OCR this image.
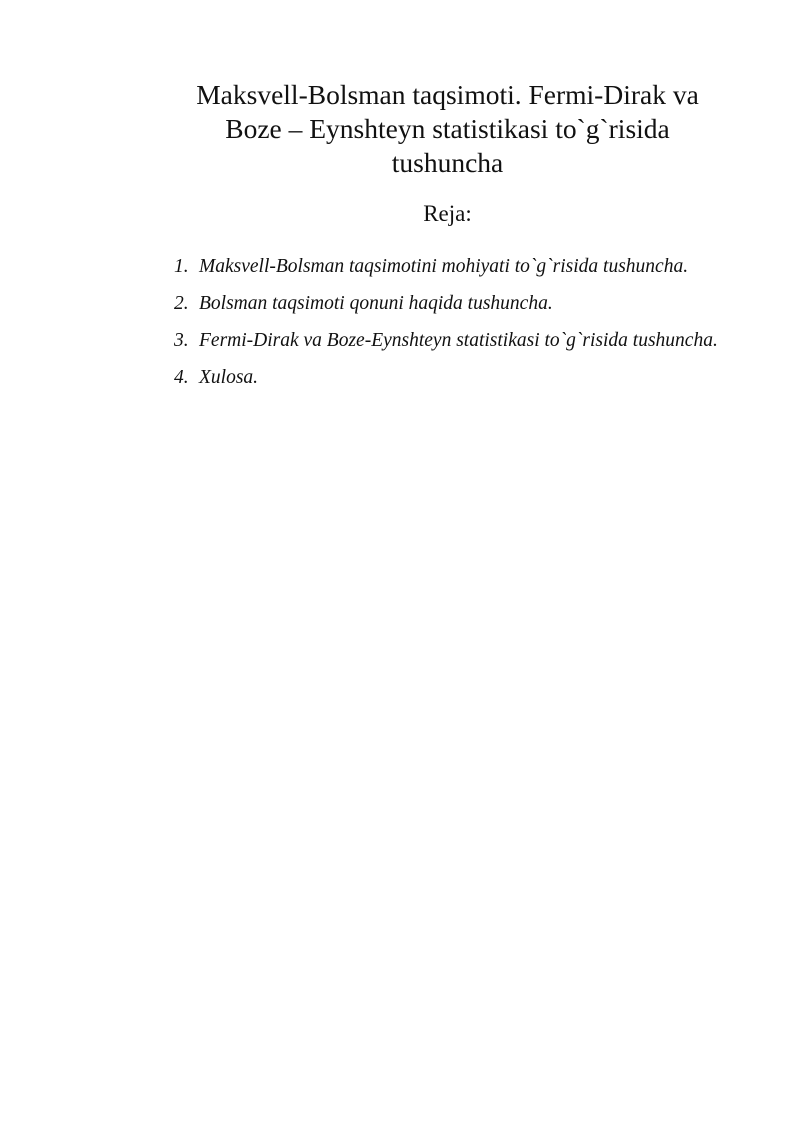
Maksvell-Bolsman taqsimoti. Fermi-Dirak va
Boze – Eynshteyn statistikasi to`g`risida
tushuncha
Reja:
1. Maksvell-Bolsman taqsimotini mohiyati to`g`risida tushuncha.
2. Bolsman taqsimoti qonuni haqida tushuncha.
3. Fermi-Dirak va Boze-Eynshteyn statistikasi to`g`risida tushuncha.
4. Xulosa.
